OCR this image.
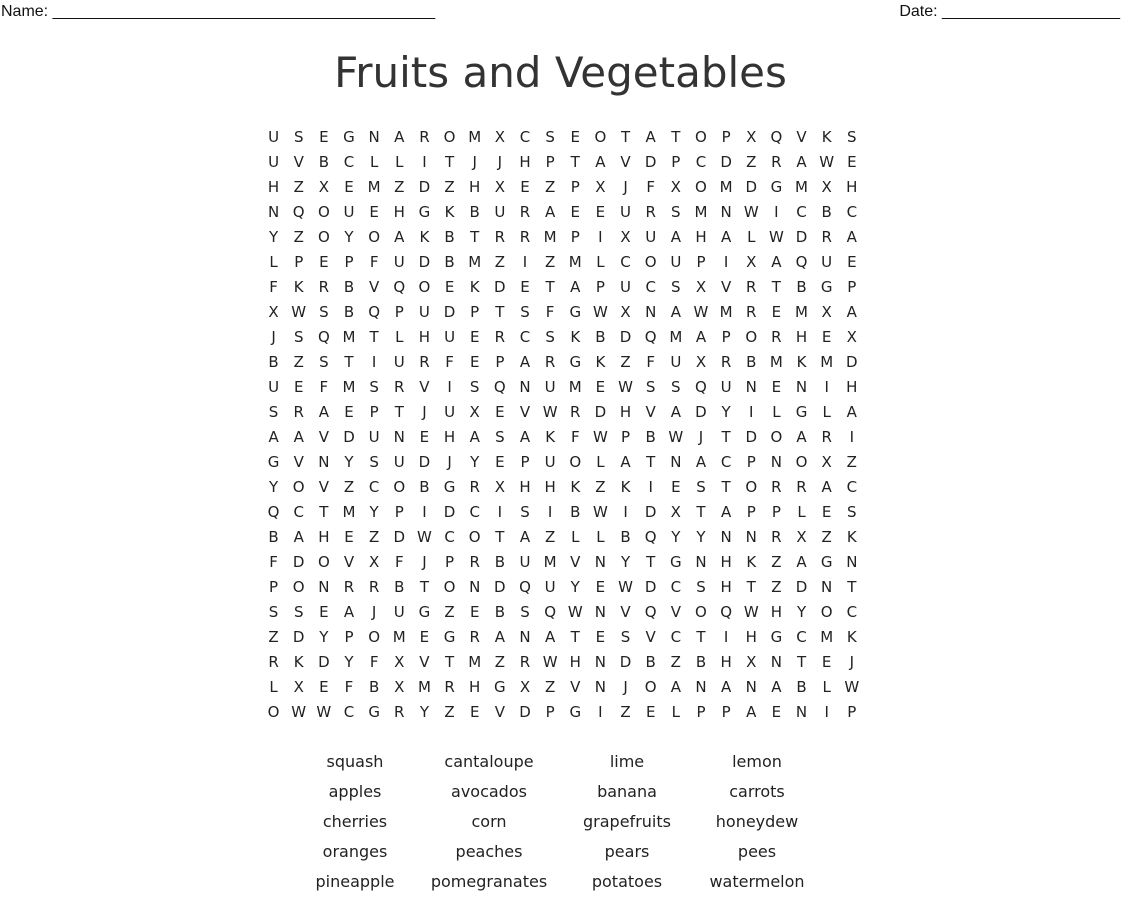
Name: ___________________________________________	Date: ____________________
Fruits and Vegetables
U S	E G N A R O M X C	S	E O T	A	T O P	X Q V	K	S
U V B C	L	L	I	T	J	J	H P	T	A V D P	C D Z R A W E
H Z X	E M Z D Z H X	E	Z	P	X	J	F	X O M D G M X H
N Q O U E H G K	B U R A	E	E U R	S M N W	I	C B C
Y	Z O Y O A	K	B	T	R R M P	I	X U A H A	L W D R A
L	P	E	P	F	U D B M Z	I	Z M L	C O U	P	I	X A Q U E
F	K	R B V Q O E	K D E	T	A	P	U C	S	X V R	T	B G P
X W S	B Q P	U D P	T	S	F	G W X N A W M R	E M X A
J	S Q M T	L	H U E	R C	S	K	B D Q M A	P O R H E	X
B Z	S	T	I	U R	F	E	P	A R G K	Z	F	U X R B M K M D
U E	F M S	R V	I	S Q N U M E W S	S Q U N E N	I	H
S	R A	E	P	T	J	U X	E	V W R D H V A D Y	I	L	G	L	A
A A V D U N E H A	S	A	K	F W P	B W	J	T D O A R	I
G V N Y	S U D	J	Y	E	P	U O	L	A	T N A C	P	N O X Z
Y O V Z C O B G R X H H K	Z	K	I	E	S	T O R R A C
Q C	T M Y	P	I	D C	I	S	I	B W	I	D X	T	A	P	P	L	E	S
B A H E	Z D W C O T	A Z	L	L	B Q Y	Y N N R X Z	K
F	D O V X	F	J	P	R B U M V N Y	T G N H K	Z A G N
P O N R R B	T O N D Q U	Y	E W D C	S H T	Z D N T
S	S	E	A	J	U G Z	E	B	S Q W N V Q V O Q W H Y O C
Z D Y	P O M E G R A N A	T	E	S	V C	T	I	H G C M K
R	K D Y	F	X V	T M Z R W H N D B Z B H X N T	E	J
L	X	E	F	B X M R H G X Z V N	J	O A N A N A B	L W
O W W C G R	Y	Z	E	V D P G	I	Z	E	L	P	P	A	E N	I	P
squash	cantaloupe	lime	lemon
apples	avocados	banana	carrots
cherries	corn	grapefruits	honeydew
oranges	peaches	pears	pees
pineapple	pomegranates	potatoes	watermelon
